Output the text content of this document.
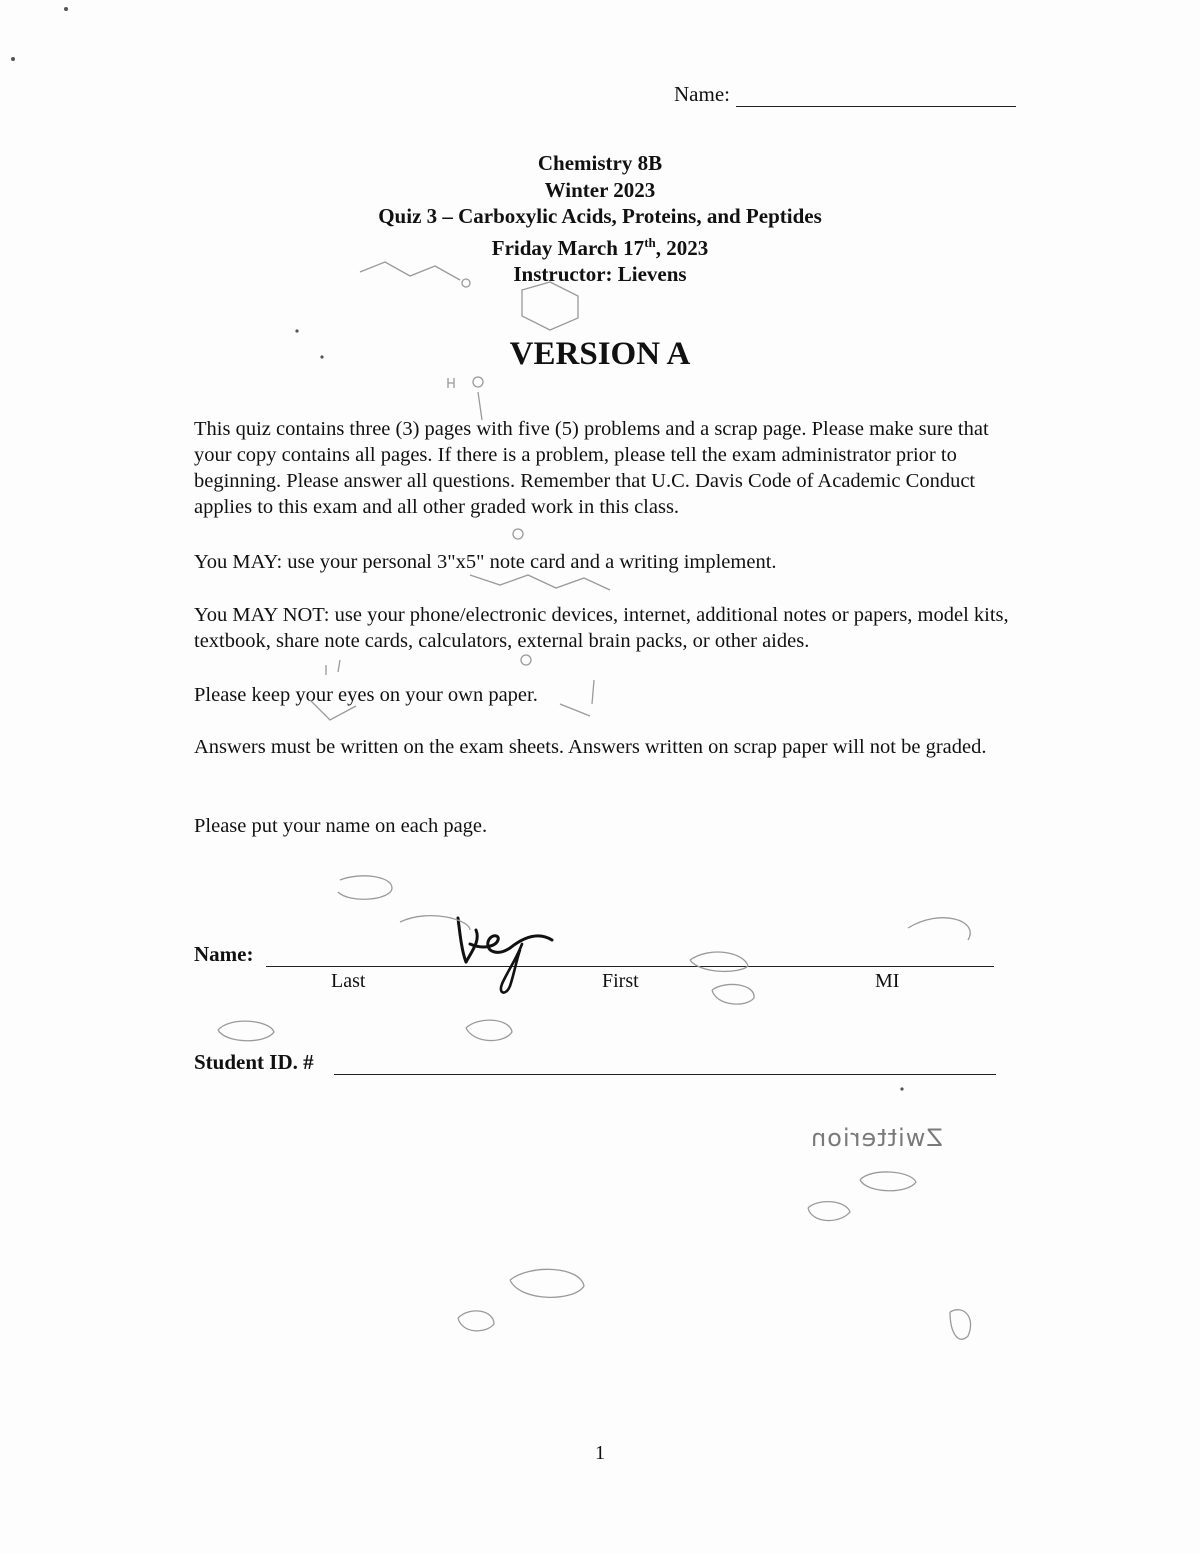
Name:
Chemistry 8B
Winter 2023
Quiz 3 – Carboxylic Acids, Proteins, and Peptides
Friday March 17th, 2023
Instructor: Lievens
VERSION A
This quiz contains three (3) pages with five (5) problems and a scrap page. Please make sure that your copy contains all pages. If there is a problem, please tell the exam administrator prior to beginning. Please answer all questions. Remember that U.C. Davis Code of Academic Conduct applies to this exam and all other graded work in this class.
You MAY: use your personal 3"x5" note card and a writing implement.
You MAY NOT: use your phone/electronic devices, internet, additional notes or papers, model kits, textbook, share note cards, calculators, external brain packs, or other aides.
Please keep your eyes on your own paper.
Answers must be written on the exam sheets. Answers written on scrap paper will not be graded.
Please put your name on each page.
Name:
Last	First	MI
Student ID. #
Zwitterion
1
